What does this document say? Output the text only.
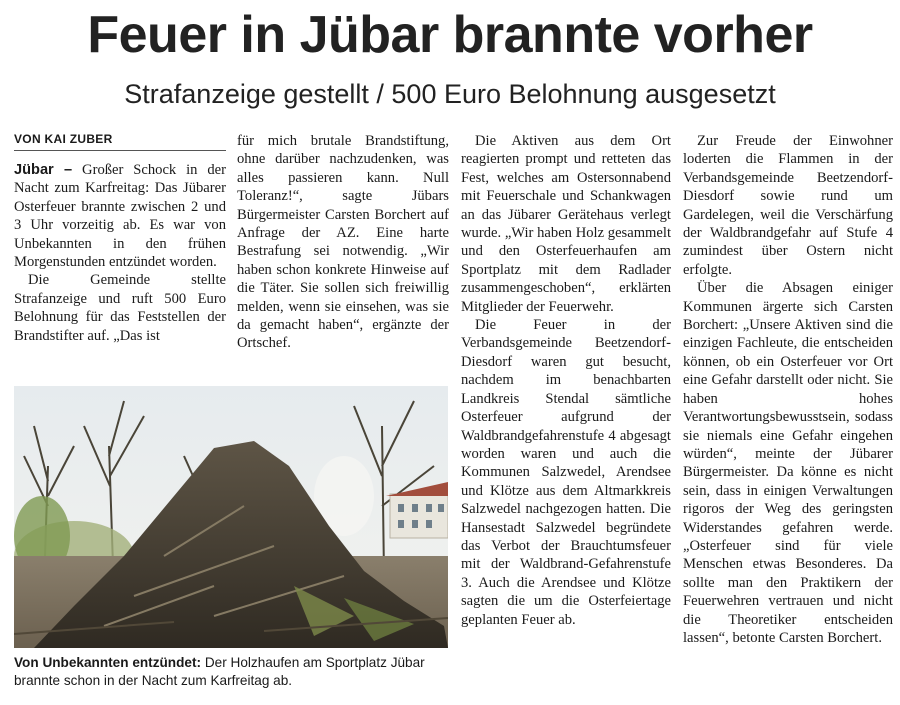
Feuer in Jübar brannte vorher
Strafanzeige gestellt / 500 Euro Belohnung ausgesetzt
VON KAI ZUBER

Jübar – Großer Schock in der Nacht zum Karfreitag: Das Jübarer Osterfeuer brannte zwischen 2 und 3 Uhr vorzeitig ab. Es war von Unbekannten in den frühen Morgenstunden entzündet worden.

Die Gemeinde stellte Strafanzeige und ruft 500 Euro Belohnung für das Feststellen der Brandstifter auf. „Das ist

für mich brutale Brandstiftung, ohne darüber nachzudenken, was alles passieren kann. Null Toleranz!“, sagte Jübars Bürgermeister Carsten Borchert auf Anfrage der AZ. Eine harte Bestrafung sei notwendig. „Wir haben schon konkrete Hinweise auf die Täter. Sie sollen sich freiwillig melden, wenn sie einsehen, was sie da gemacht haben“, ergänzte der Ortschef.

Die Aktiven aus dem Ort reagierten prompt und retteten das Fest, welches am Ostersonnabend mit Feuerschale und Schankwagen an das Jübarer Gerätehaus verlegt wurde. „Wir haben Holz gesammelt und den Osterfeuerhaufen am Sportplatz mit dem Radlader zusammengeschoben“, erklärten Mitglieder der Feuerwehr.

Die Feuer in der Verbandsgemeinde Beetzendorf-Diesdorf waren gut besucht, nachdem im benachbarten Landkreis Stendal sämtliche Osterfeuer aufgrund der Waldbrandgefahrenstufe 4 abgesagt worden waren und auch die Kommunen Salzwedel, Arendsee und Klötze aus dem Altmarkkreis Salzwedel nachgezogen hatten. Die Hansestadt Salzwedel begründete das Verbot der Brauchtumsfeuer mit der Waldbrand-Gefahrenstufe 3. Auch die Arendsee und Klötze sagten die um die Osterfeiertage geplanten Feuer ab.

Zur Freude der Einwohner loderten die Flammen in der Verbandsgemeinde Beetzendorf-Diesdorf sowie rund um Gardelegen, weil die Verschärfung der Waldbrandgefahr auf Stufe 4 zumindest über Ostern nicht erfolgte.

Über die Absagen einiger Kommunen ärgerte sich Carsten Borchert: „Unsere Aktiven sind die einzigen Fachleute, die entscheiden können, ob ein Osterfeuer vor Ort eine Gefahr darstellt oder nicht. Sie haben hohes Verantwortungsbewusstsein, sodass sie niemals eine Gefahr eingehen würden“, meinte der Jübarer Bürgermeister. Da könne es nicht sein, dass in einigen Verwaltungen rigoros der Weg des geringsten Widerstandes gefahren werde. „Osterfeuer sind für viele Menschen etwas Besonderes. Da sollte man den Praktikern der Feuerwehren vertrauen und nicht die Theoretiker entscheiden lassen“, betonte Carsten Borchert.

Von Unbekannten entzündet: Der Holzhaufen am Sportplatz Jübar brannte schon in der Nacht zum Karfreitag ab.
